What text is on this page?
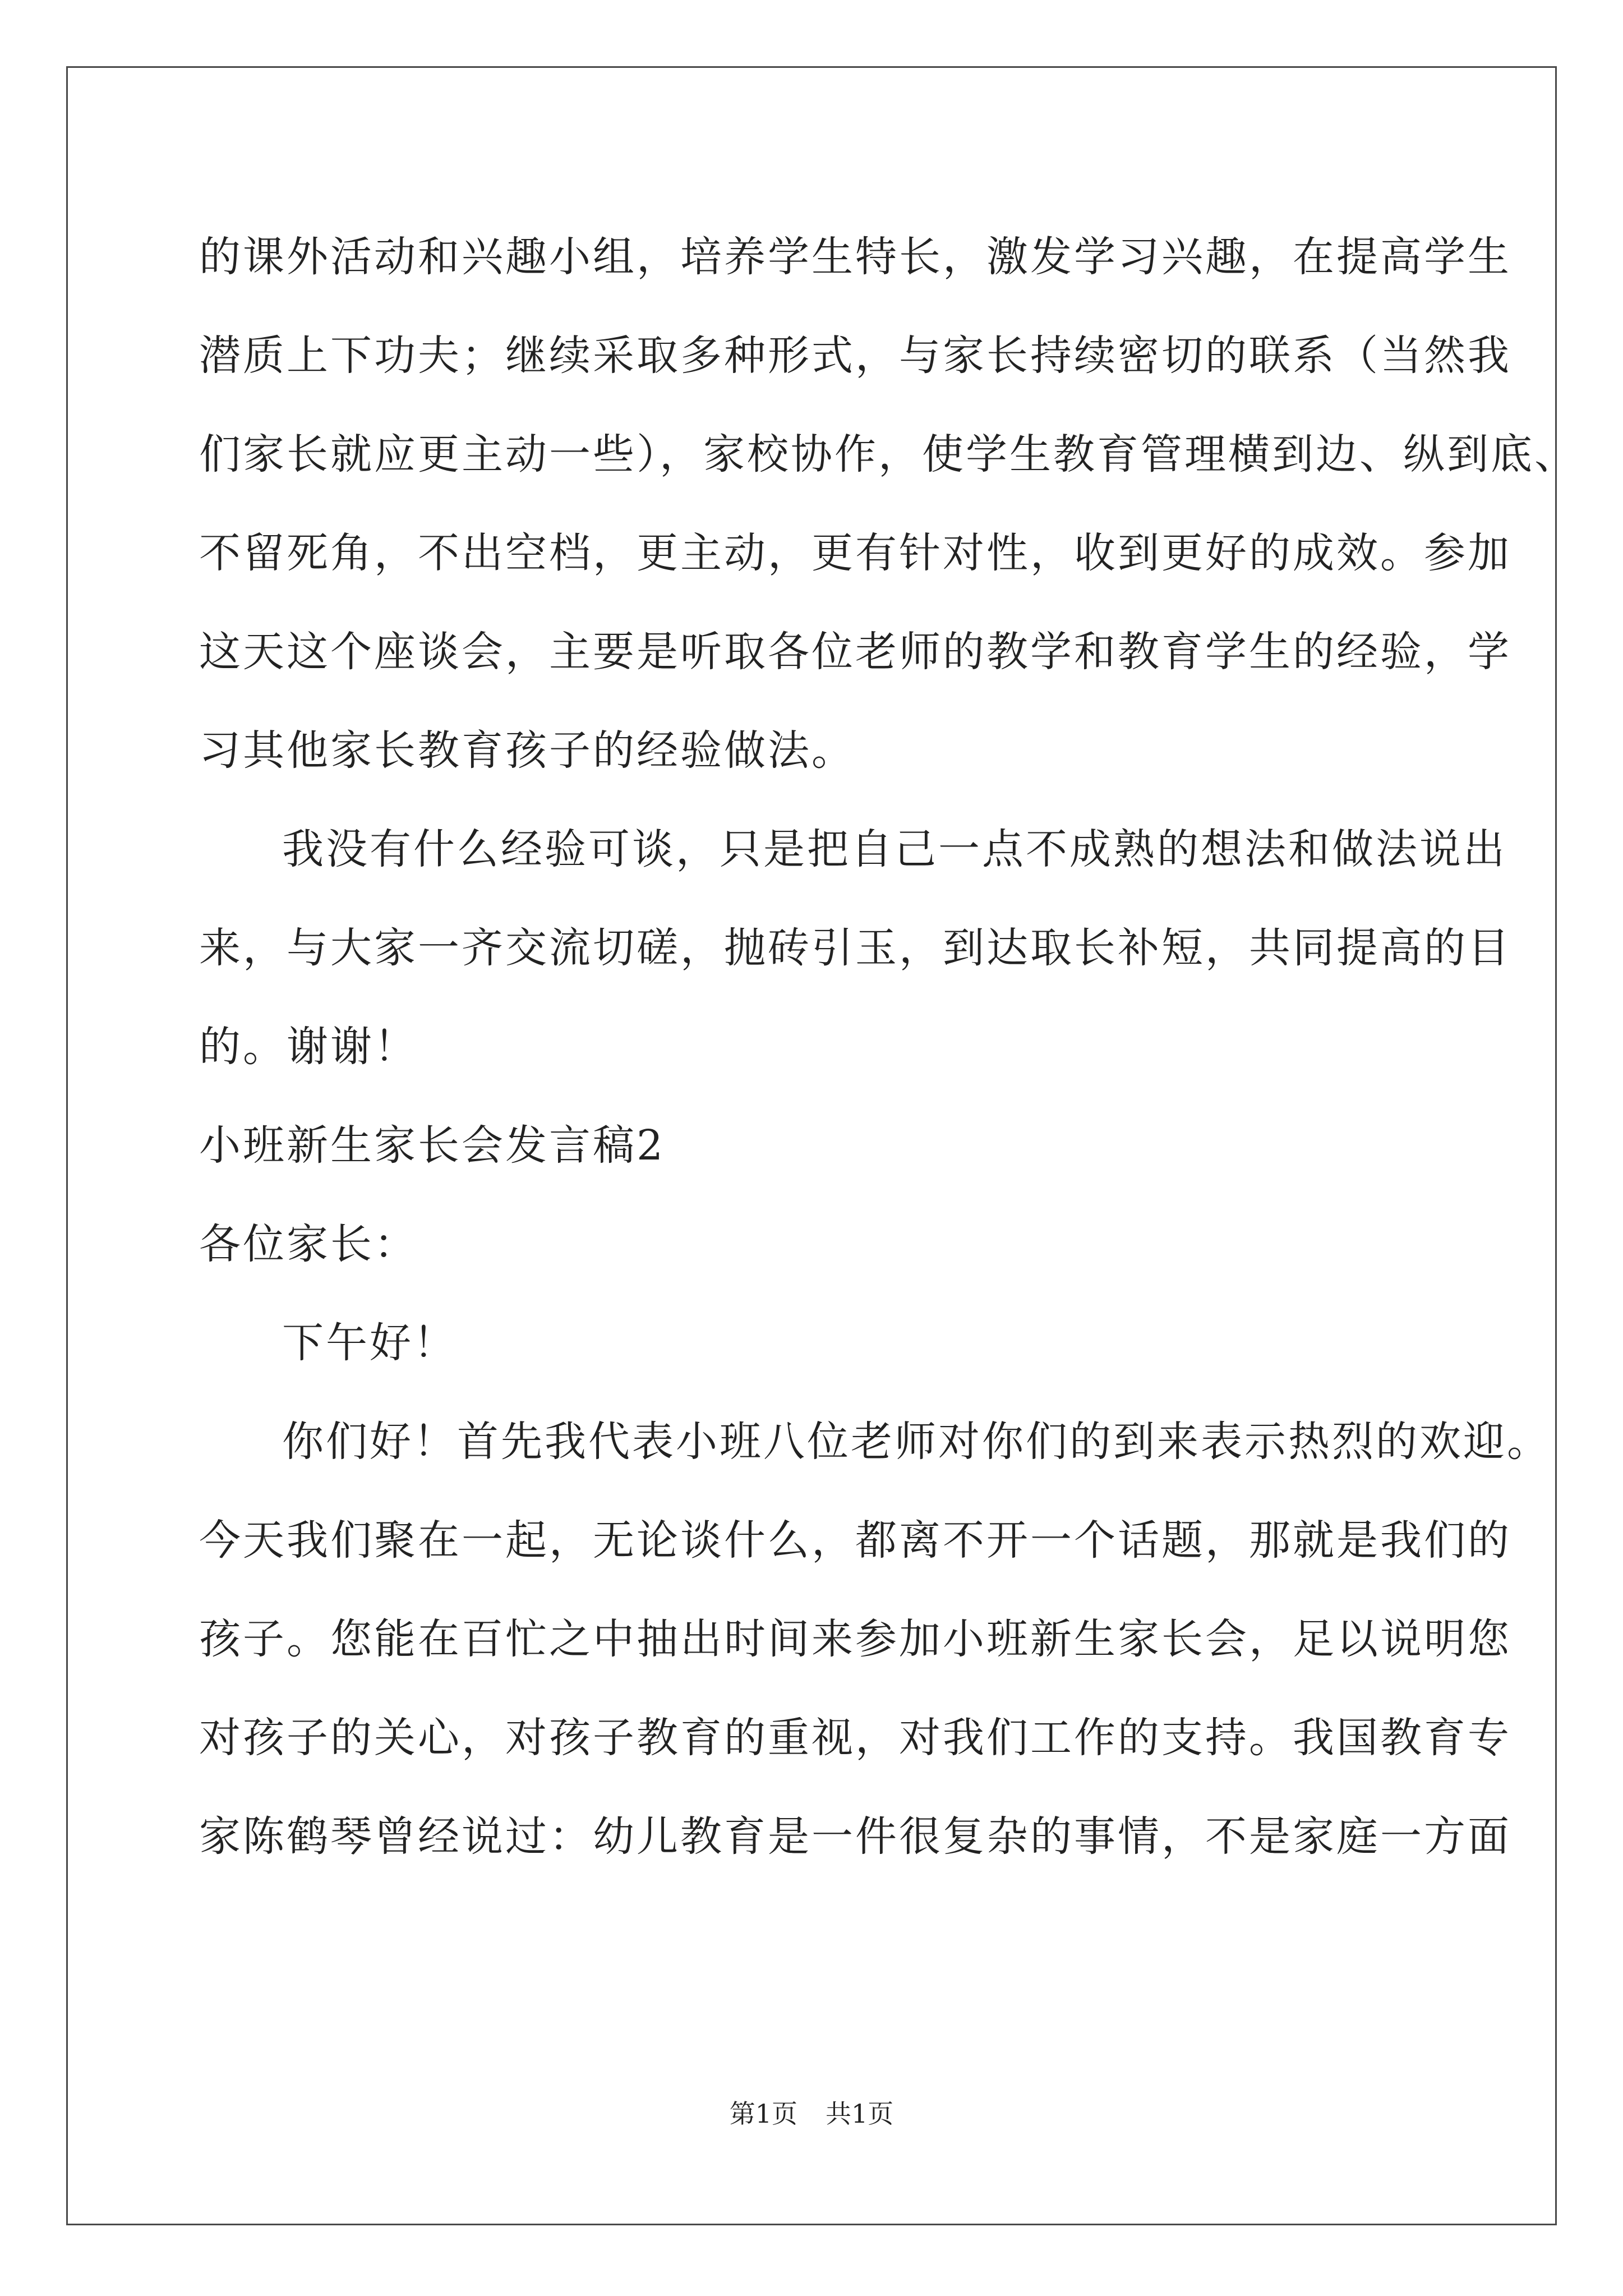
的课外活动和兴趣小组，培养学生特长，激发学习兴趣，在提高学生
潜质上下功夫；继续采取多种形式，与家长持续密切的联系（当然我
们家长就应更主动一些），家校协作，使学生教育管理横到边、纵到底、
不留死角，不出空档，更主动，更有针对性，收到更好的成效。参加
这天这个座谈会，主要是听取各位老师的教学和教育学生的经验，学
习其他家长教育孩子的经验做法。
我没有什么经验可谈，只是把自己一点不成熟的想法和做法说出
来，与大家一齐交流切磋，抛砖引玉，到达取长补短，共同提高的目
的。谢谢！
小班新生家长会发言稿2
各位家长：
下午好！
你们好！首先我代表小班八位老师对你们的到来表示热烈的欢迎。
今天我们聚在一起，无论谈什么，都离不开一个话题，那就是我们的
孩子。您能在百忙之中抽出时间来参加小班新生家长会，足以说明您
对孩子的关心，对孩子教育的重视，对我们工作的支持。我国教育专
家陈鹤琴曾经说过：幼儿教育是一件很复杂的事情，不是家庭一方面
第1页 共1页
